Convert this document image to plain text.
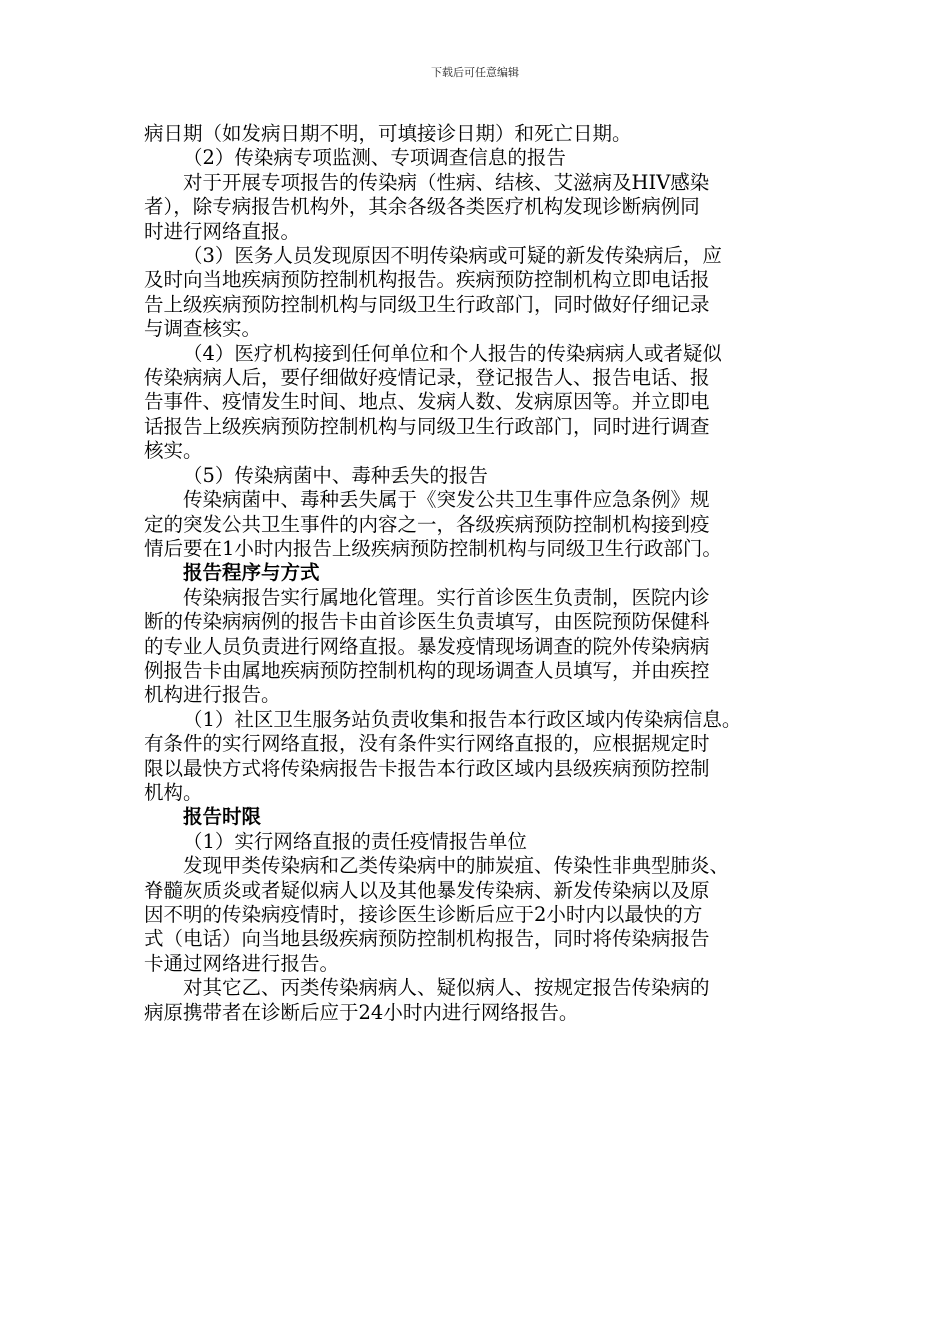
下载后可任意编辑

病日期（如发病日期不明，可填接诊日期）和死亡日期。

（2）传染病专项监测、专项调查信息的报告

对于开展专项报告的传染病（性病、结核、艾滋病及HIV感染

者），除专病报告机构外，其余各级各类医疗机构发现诊断病例同

时进行网络直报。

（3）医务人员发现原因不明传染病或可疑的新发传染病后，应

及时向当地疾病预防控制机构报告。疾病预防控制机构立即电话报

告上级疾病预防控制机构与同级卫生行政部门，同时做好仔细记录

与调查核实。

（4）医疗机构接到任何单位和个人报告的传染病病人或者疑似

传染病病人后，要仔细做好疫情记录，登记报告人、报告电话、报

告事件、疫情发生时间、地点、发病人数、发病原因等。并立即电

话报告上级疾病预防控制机构与同级卫生行政部门，同时进行调查

核实。

（5）传染病菌中、毒种丢失的报告

传染病菌中、毒种丢失属于《突发公共卫生事件应急条例》规

定的突发公共卫生事件的内容之一，各级疾病预防控制机构接到疫

情后要在1小时内报告上级疾病预防控制机构与同级卫生行政部门。

报告程序与方式

传染病报告实行属地化管理。实行首诊医生负责制，医院内诊

断的传染病病例的报告卡由首诊医生负责填写，由医院预防保健科

的专业人员负责进行网络直报。暴发疫情现场调查的院外传染病病

例报告卡由属地疾病预防控制机构的现场调查人员填写，并由疾控

机构进行报告。

（1）社区卫生服务站负责收集和报告本行政区域内传染病信息。

有条件的实行网络直报，没有条件实行网络直报的，应根据规定时

限以最快方式将传染病报告卡报告本行政区域内县级疾病预防控制

机构。

报告时限

（1）实行网络直报的责任疫情报告单位

发现甲类传染病和乙类传染病中的肺炭疽、传染性非典型肺炎、

脊髓灰质炎或者疑似病人以及其他暴发传染病、新发传染病以及原

因不明的传染病疫情时，接诊医生诊断后应于2小时内以最快的方

式（电话）向当地县级疾病预防控制机构报告，同时将传染病报告

卡通过网络进行报告。

对其它乙、丙类传染病病人、疑似病人、按规定报告传染病的

病原携带者在诊断后应于24小时内进行网络报告。
